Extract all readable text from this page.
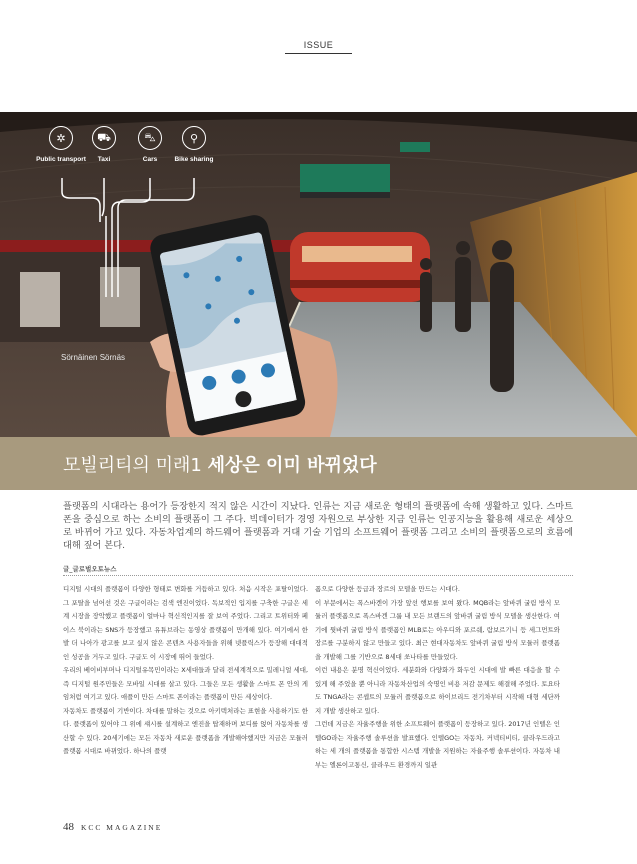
ISSUE
Sörnäinen Sörnäs
✲
Public transport
⛟
Taxi
⛍
Cars
⚲
Bike sharing
모빌리티의 미래1 세상은 이미 바뀌었다

플랫폼의 시대라는 용어가 등장한지 적지 않은 시간이 지났다. 인류는 지금 새로운 형태의 플랫폼에 속해 생활하고 있다. 스마트폰을 중심으로 하는 소비의 플랫폼이 그 주다. 빅데이터가 경영 자원으로 부상한 지금 인류는 인공지능을 활용해 새로운 세상으로 바뀌어 가고 있다. 자동차업계의 하드웨어 플랫폼과 거대 기술 기업의 소프트웨어 플랫폼 그리고 소비의 플랫폼으로의 흐름에 대해 짚어 본다.

글_글로벌오토뉴스

디지털 시대의 플랫폼이 다양한 형태로 변화를 거듭하고 있다. 처음 시작은 포탈이었다. 그 포탈을 넘어선 것은 구글이라는 검색 엔진이었다. 독보적인 입지를 구축한 구글은 세계 시장을 장악했고 플랫폼이 얼마나 혁신적인지를 잘 보여 주었다. 그리고 트위터와 페이스 북이라는 SNS가 등장했고 유튜브라는 동영상 플랫폼이 만개해 있다. 여기에서 한 발 더 나아가 광고를 보고 싶지 않은 콘텐츠 사용자들을 위해 넷플릭스가 등장해 대대적인 성공을 거두고 있다. 구글도 이 시장에 뛰어 들었다.

우리의 베이비부머나 디지털유목민이라는 X세대들과 달리 전세계적으로 밀레니얼 세대, 즉 디지털 원주민들은 모바일 시대를 살고 있다. 그들은 모든 생활을 스마트 폰 안의 게임처럼 여기고 있다. 애플이 만든 스마트 폰이라는 플랫폼이 만든 세상이다.

자동차도 플랫폼이 기반이다. 차대를 말하는 것으로 아키텍처라는 표현을 사용하기도 한다. 플랫폼이 있어야 그 위에 섀시를 설계하고 엔진을 탑재하며 보디를 얹어 자동차를 생산할 수 있다. 20세기에는 모든 자동차 새로운 플랫폼을 개발해야했지만 지금은 모듈러 플랫폼 시대로 바뀌었다. 하나의 플랫

폼으로 다양한 등급과 장르의 모델을 만드는 시대다.

이 부문에서는 폭스바겐이 가장 앞선 행보를 보여 왔다. MQB라는 앞바퀴 굴림 방식 모듈러 플랫폼으로 폭스바겐 그룹 내 모든 브랜드의 앞바퀴 굴림 방식 모델을 생산한다. 여기에 뒷바퀴 굴림 방식 플랫폼인 MLB로는 아우디와 포르쉐, 람보르기니 등 세그먼트와 장르를 구분하지 않고 만들고 있다. 최근 현대자동차도 앞바퀴 굴림 방식 모듈러 플랫폼을 개발해 그를 기반으로 8세대 쏘나타를 만들었다.

이런 내용은 분명 혁신이었다. 세분화와 다양화가 화두인 시대에 발 빠른 대응을 할 수 있게 해 주었을 뿐 아니라 자동차산업의 숙명인 비용 저감 문제도 해결해 주었다. 토요타도 TNGA라는 콘셉트의 모듈러 플랫폼으로 하이브리드 전기차부터 시작해 대형 세단까지 개발 생산하고 있다.

그런데 지금은 자율주행을 위한 소프트웨어 플랫폼이 등장하고 있다. 2017년 인텔은 인텔GO라는 자율주행 솔루션을 발표했다. 인텔GO는 자동차, 커넥티비티, 클라우드라고 하는 세 개의 플랫폼을 통합한 시스템 개발을 지원하는 자율주행 솔루션이다. 자동차 내부는 엘론이고통신, 클라우드 환경까지 일관

48 KCC MAGAZINE
